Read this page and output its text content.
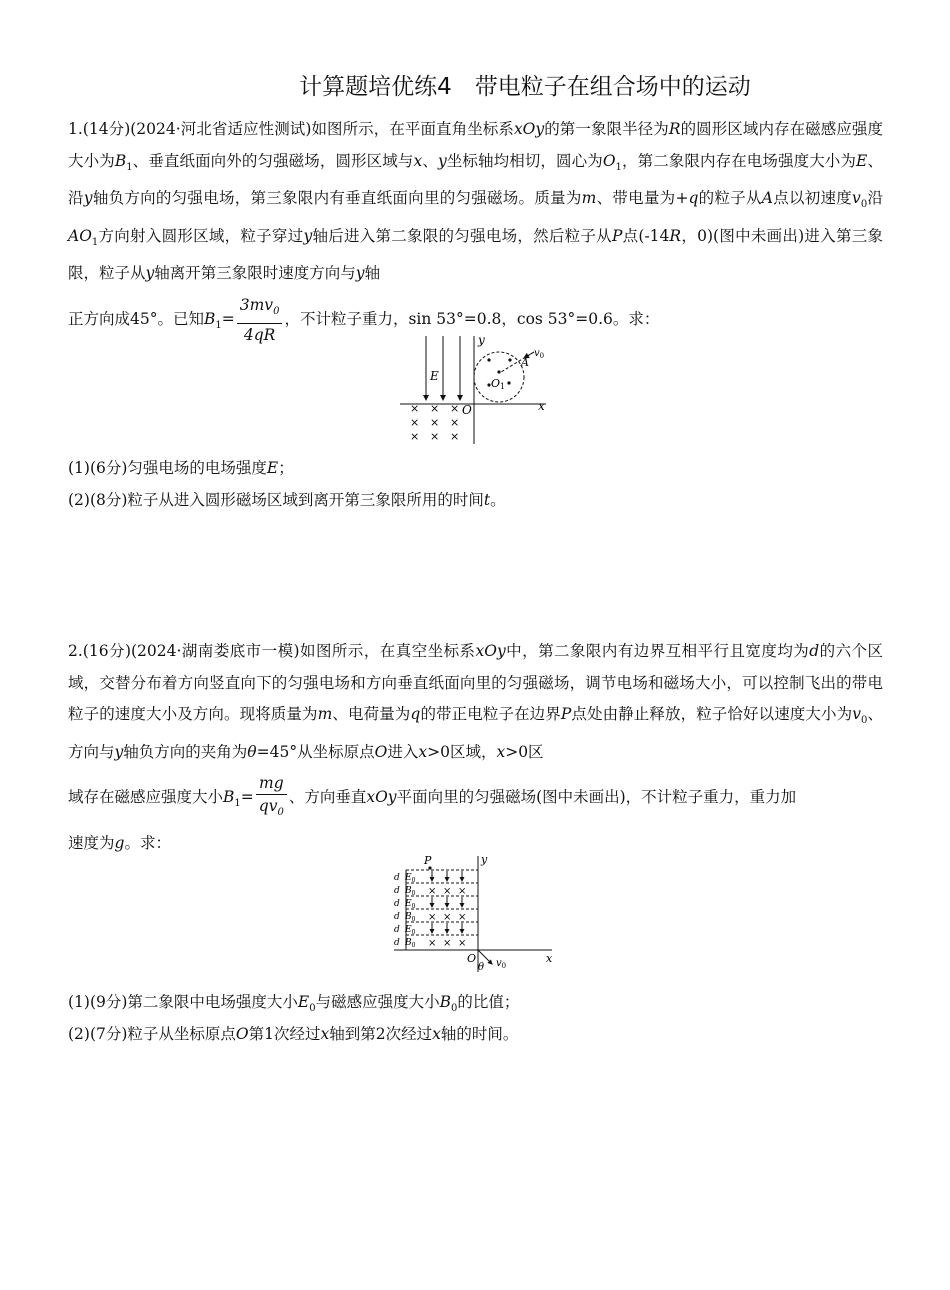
计算题培优练4　带电粒子在组合场中的运动
1.(14分)(2024·河北省适应性测试)如图所示，在平面直角坐标系xOy的第一象限半径为R的圆形区域内存在磁感应强度大小为$B_1$、垂直纸面向外的匀强磁场，圆形区域与x、y坐标轴均相切，圆心为$O_1$，第二象限内存在电场强度大小为E、沿y轴负方向的匀强电场，第三象限内有垂直纸面向里的匀强磁场。质量为m、带电量为+q的粒子从A点以初速度$v_0$沿$AO_1$方向射入圆形区域，粒子穿过y轴后进入第二象限的匀强电场，然后粒子从P点(-14R，0)(图中未画出)进入第三象限，粒子从y轴离开第三象限时速度方向与y轴
正方向成45°。已知$B_1= \frac{3mv_0}{4qR}$ ，不计粒子重力，sin 53°=0.8，cos 53°=0.6。求：
x
y
O
E
O1
A
$v_0$
× × ×
× × ×
× × ×
(1)(6分)匀强电场的电场强度E；
(2)(8分)粒子从进入圆形磁场区域到离开第三象限所用的时间t。
2.(16分)(2024·湖南娄底市一模)如图所示，在真空坐标系xOy中，第二象限内有边界互相平行且宽度均为d的六个区域，交替分布着方向竖直向下的匀强电场和方向垂直纸面向里的匀强磁场，调节电场和磁场大小，可以控制飞出的带电粒子的速度大小及方向。现将质量为m、电荷量为q的带正电粒子在边界P点处由静止释放，粒子恰好以速度大小为$v_0$、方向与y轴负方向的夹角为θ=45°从坐标原点O进入x>0区域，x>0区
域存在磁感应强度大小$B_1= \frac{mg}{qv_0}$ 、方向垂直xOy平面向里的匀强磁场(图中未画出)，不计粒子重力，重力加
速度为g。求：
x
y
O
P
d $E_0$
d $B_0$
d $E_0$
d $B_0$
d $E_0$
d $B_0$
× × ×
× × ×
× × ×
θ $v_0$
(1)(9分)第二象限中电场强度大小$E_0$与磁感应强度大小$B_0$的比值；
(2)(7分)粒子从坐标原点O第1次经过x轴到第2次经过x轴的时间。
